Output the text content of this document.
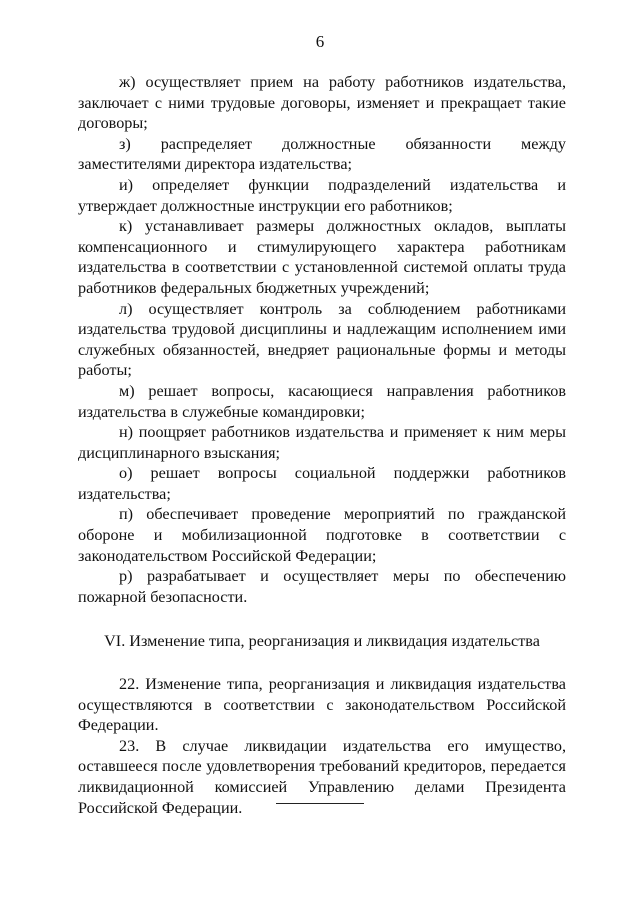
6

ж) осуществляет прием на работу работников издательства, заключает с ними трудовые договоры, изменяет и прекращает такие договоры;

з) распределяет должностные обязанности между заместителями директора издательства;

и) определяет функции подразделений издательства и утверждает должностные инструкции его работников;

к) устанавливает размеры должностных окладов, выплаты компенсационного и стимулирующего характера работникам издательства в соответствии с установленной системой оплаты труда работников федеральных бюджетных учреждений;

л) осуществляет контроль за соблюдением работниками издательства трудовой дисциплины и надлежащим исполнением ими служебных обязанностей, внедряет рациональные формы и методы работы;

м) решает вопросы, касающиеся направления работников издательства в служебные командировки;

н) поощряет работников издательства и применяет к ним меры дисциплинарного взыскания;

о) решает вопросы социальной поддержки работников издательства;

п) обеспечивает проведение мероприятий по гражданской обороне и мобилизационной подготовке в соответствии с законодательством Российской Федерации;

р) разрабатывает и осуществляет меры по обеспечению пожарной безопасности.

VI. Изменение типа, реорганизация и ликвидация издательства

22. Изменение типа, реорганизация и ликвидация издательства осуществляются в соответствии с законодательством Российской Федерации.

23. В случае ликвидации издательства его имущество, оставшееся после удовлетворения требований кредиторов, передается ликвидационной комиссией Управлению делами Президента Российской Федерации.
